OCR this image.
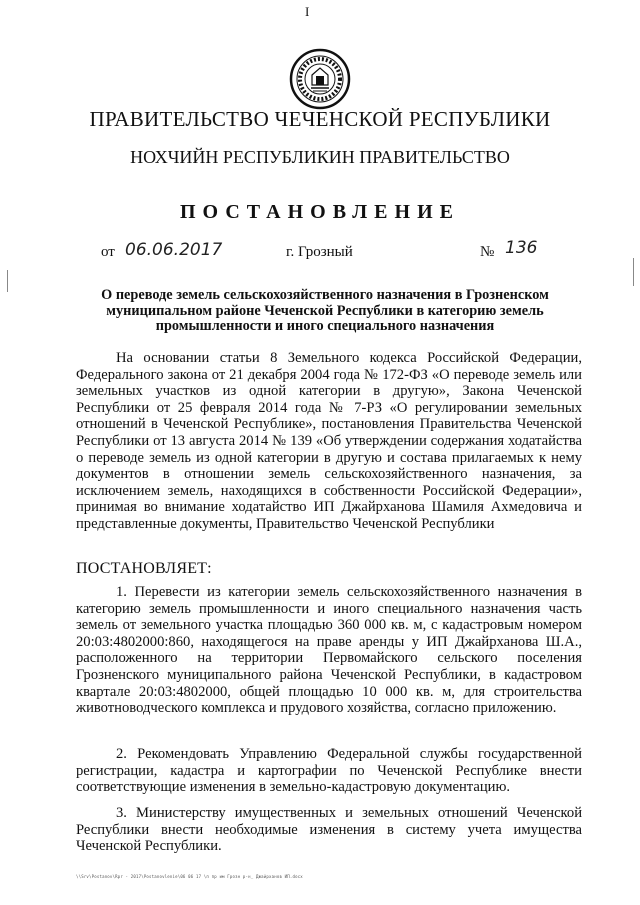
I
ПРАВИТЕЛЬСТВО ЧЕЧЕНСКОЙ РЕСПУБЛИКИ
НОХЧИЙН РЕСПУБЛИКИН ПРАВИТЕЛЬСТВО
ПОСТАНОВЛЕНИЕ
от 06.06.2017	г. Грозный	№ 136
О переводе земель сельскохозяйственного назначения в Грозненском муниципальном районе Чеченской Республики в категорию земель промышленности и иного специального назначения
На основании статьи 8 Земельного кодекса Российской Федерации, Федерального закона от 21 декабря 2004 года № 172-ФЗ «О переводе земель или земельных участков из одной категории в другую», Закона Чеченской Республики от 25 февраля 2014 года № 7-РЗ «О регулировании земельных отношений в Чеченской Республике», постановления Правительства Чеченской Республики от 13 августа 2014 № 139 «Об утверждении содержания ходатайства о переводе земель из одной категории в другую и состава прилагаемых к нему документов в отношении земель сельскохозяйственного назначения, за исключением земель, находящихся в собственности Российской Федерации», принимая во внимание ходатайство ИП Джайрханова Шамиля Ахмедовича и представленные документы, Правительство Чеченской Республики
ПОСТАНОВЛЯЕТ:
1. Перевести из категории земель сельскохозяйственного назначения в категорию земель промышленности и иного специального назначения часть земель от земельного участка площадью 360 000 кв. м, с кадастровым номером 20:03:4802000:860, находящегося на праве аренды у ИП Джайрханова Ш.А., расположенного на территории Первомайского сельского поселения Грозненского муниципального района Чеченской Республики, в кадастровом квартале 20:03:4802000, общей площадью 10 000 кв. м, для строительства животноводческого комплекса и прудового хозяйства, согласно приложению.
2. Рекомендовать Управлению Федеральной службы государственной регистрации, кадастра и картографии по Чеченской Республике внести соответствующие изменения в земельно-кадастровую документацию.
3. Министерству имущественных и земельных отношений Чеченской Республики внести необходимые изменения в систему учета имущества Чеченской Республики.
\\Srv\Postanov\Rpr - 2017\Postanovlenie\06 06 17 \п пр им Грозн р-н_ Джайрханов ИП.docx
